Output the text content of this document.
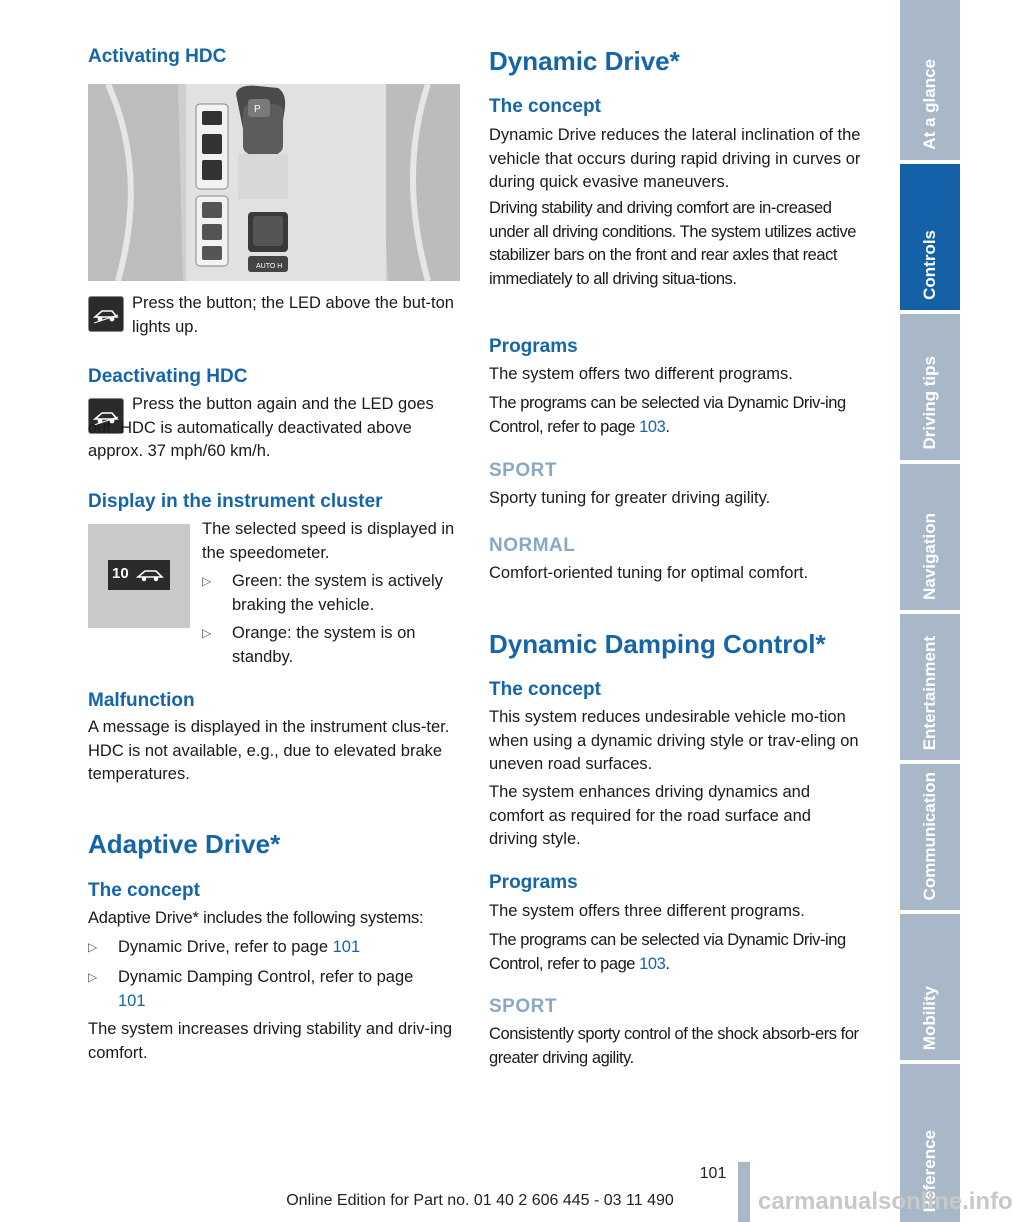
Activating HDC
P
AUTO H

Press the button; the LED above the but-ton lights up.

Deactivating HDC

Press the button again and the LED goes out. HDC is automatically deactivated above approx. 37 mph/60 km/h.

Display in the instrument cluster
10

The selected speed is displayed in the speedometer.

▷ Green: the system is actively braking the vehicle.
▷ Orange: the system is on standby.
Malfunction

A message is displayed in the instrument clus-ter. HDC is not available, e.g., due to elevated brake temperatures.

Adaptive Drive*
The concept

Adaptive Drive* includes the following systems:

▷ Dynamic Drive, refer to page 101
▷ Dynamic Damping Control, refer to page 101

The system increases driving stability and driv-ing comfort.

Dynamic Drive*
The concept

Dynamic Drive reduces the lateral inclination of the vehicle that occurs during rapid driving in curves or during quick evasive maneuvers.

Driving stability and driving comfort are in-creased under all driving conditions. The system utilizes active stabilizer bars on the front and rear axles that react immediately to all driving situa-tions.

Programs

The system offers two different programs.

The programs can be selected via Dynamic Driv-ing Control, refer to page 103.

SPORT

Sporty tuning for greater driving agility.

NORMAL

Comfort-oriented tuning for optimal comfort.

Dynamic Damping Control*
The concept

This system reduces undesirable vehicle mo-tion when using a dynamic driving style or trav-eling on uneven road surfaces.

The system enhances driving dynamics and comfort as required for the road surface and driving style.

Programs

The system offers three different programs.

The programs can be selected via Dynamic Driv-ing Control, refer to page 103.

SPORT

Consistently sporty control of the shock absorb-ers for greater driving agility.

At a glance
Controls
Driving tips
Navigation
Entertainment
Communication
Mobility
Reference
101
Online Edition for Part no. 01 40 2 606 445 - 03 11 490	carmanualsonline.info
